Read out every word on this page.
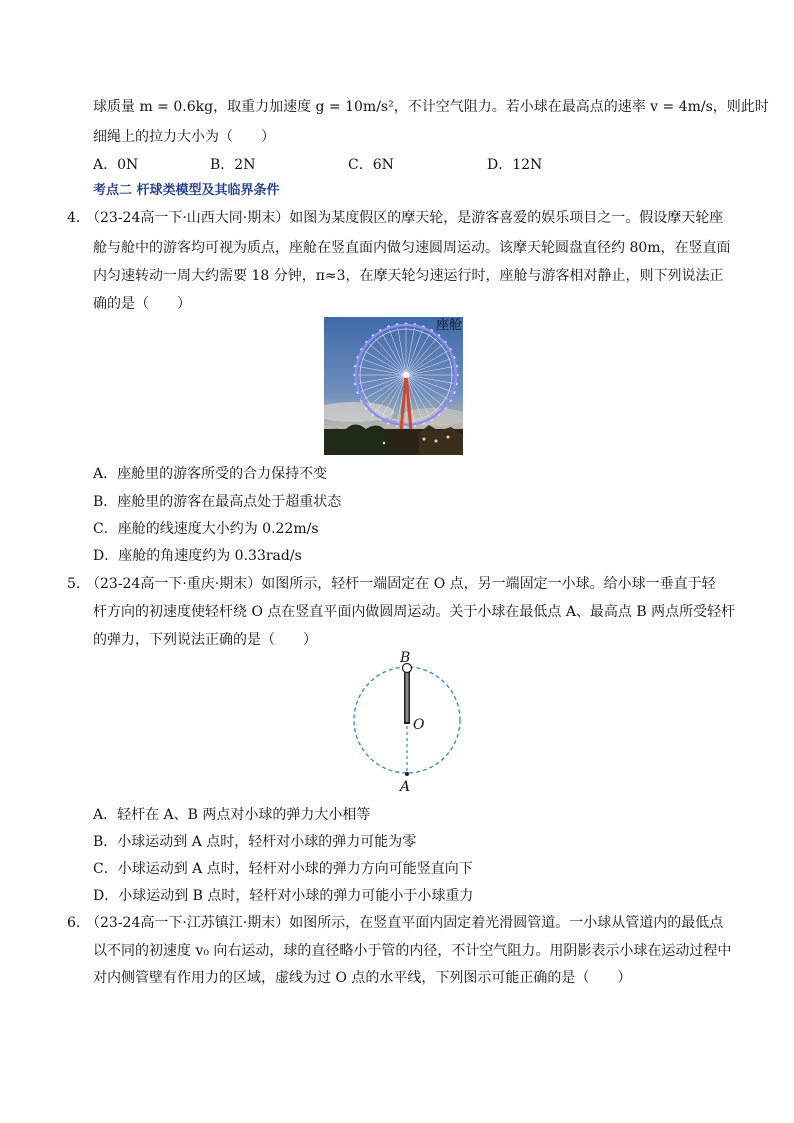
球质量 m = 0.6kg，取重力加速度 g = 10m/s²，不计空气阻力。若小球在最高点的速率 v = 4m/s，则此时
细绳上的拉力大小为（　　）
A．0N	B．2N	C．6N	D．12N
考点二 杆球类模型及其临界条件
4．
（23-24高一下·山西大同·期末）如图为某度假区的摩天轮，是游客喜爱的娱乐项目之一。假设摩天轮座
舱与舱中的游客均可视为质点，座舱在竖直面内做匀速圆周运动。该摩天轮圆盘直径约 80m，在竖直面
内匀速转动一周大约需要 18 分钟，π≈3，在摩天轮匀速运行时，座舱与游客相对静止，则下列说法正
确的是（　　）
座舱
A．座舱里的游客所受的合力保持不变
B．座舱里的游客在最高点处于超重状态
C．座舱的线速度大小约为 0.22m/s
D．座舱的角速度约为 0.33rad/s
5．
（23-24高一下·重庆·期末）如图所示，轻杆一端固定在 O 点，另一端固定一小球。给小球一垂直于轻
杆方向的初速度使轻杆绕 O 点在竖直平面内做圆周运动。关于小球在最低点 A、最高点 B 两点所受轻杆
的弹力，下列说法正确的是（　　）
B
O
A
A．轻杆在 A、B 两点对小球的弹力大小相等
B．小球运动到 A 点时，轻杆对小球的弹力可能为零
C．小球运动到 A 点时，轻杆对小球的弹力方向可能竖直向下
D．小球运动到 B 点时，轻杆对小球的弹力可能小于小球重力
6．
（23-24高一下·江苏镇江·期末）如图所示，在竖直平面内固定着光滑圆管道。一小球从管道内的最低点
以不同的初速度 v₀ 向右运动，球的直径略小于管的内径，不计空气阻力。用阴影表示小球在运动过程中
对内侧管壁有作用力的区域，虚线为过 O 点的水平线，下列图示可能正确的是（　　）
